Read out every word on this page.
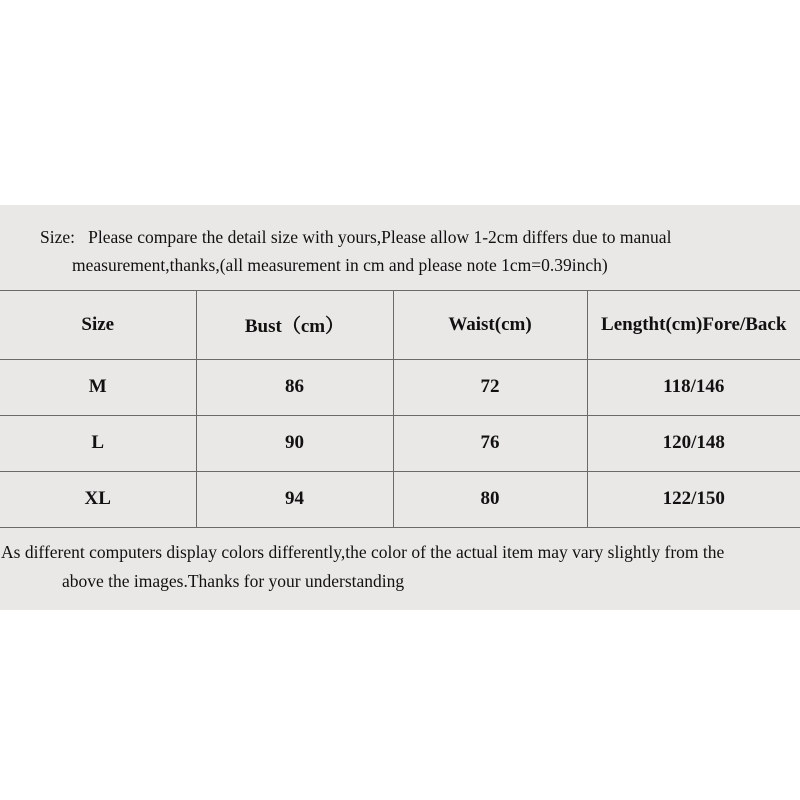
Size:   Please compare the detail size with yours,Please allow 1-2cm differs due to manual
measurement,thanks,(all measurement in cm and please note 1cm=0.39inch)
Size	Bust（cm）	Waist(cm)	Lengtht(cm)Fore/Back
M	86	72	118/146
L	90	76	120/148
XL	94	80	122/150
As different computers display colors differently,the color of the actual item may vary slightly from the
above the images.Thanks for your understanding
